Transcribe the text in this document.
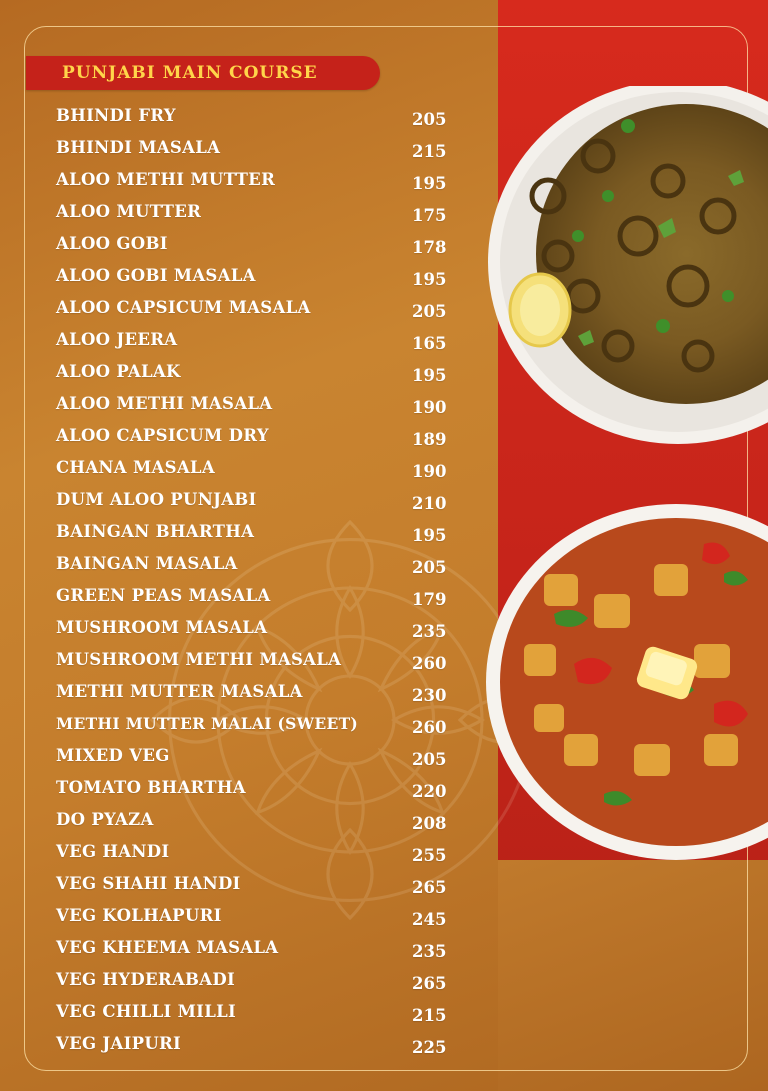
PUNJABI MAIN COURSE
BHINDI FRY	205
BHINDI MASALA	215
ALOO METHI MUTTER	195
ALOO MUTTER	175
ALOO GOBI	178
ALOO GOBI MASALA	195
ALOO CAPSICUM MASALA	205
ALOO JEERA	165
ALOO PALAK	195
ALOO METHI MASALA	190
ALOO CAPSICUM DRY	189
CHANA MASALA	190
DUM ALOO PUNJABI	210
BAINGAN BHARTHA	195
BAINGAN MASALA	205
GREEN PEAS MASALA	179
MUSHROOM MASALA	235
MUSHROOM METHI MASALA	260
METHI MUTTER MASALA	230
METHI MUTTER MALAI (SWEET)	260
MIXED VEG	205
TOMATO BHARTHA	220
DO PYAZA	208
VEG HANDI	255
VEG SHAHI HANDI	265
VEG KOLHAPURI	245
VEG KHEEMA MASALA	235
VEG HYDERABADI	265
VEG CHILLI MILLI	215
VEG JAIPURI	225
